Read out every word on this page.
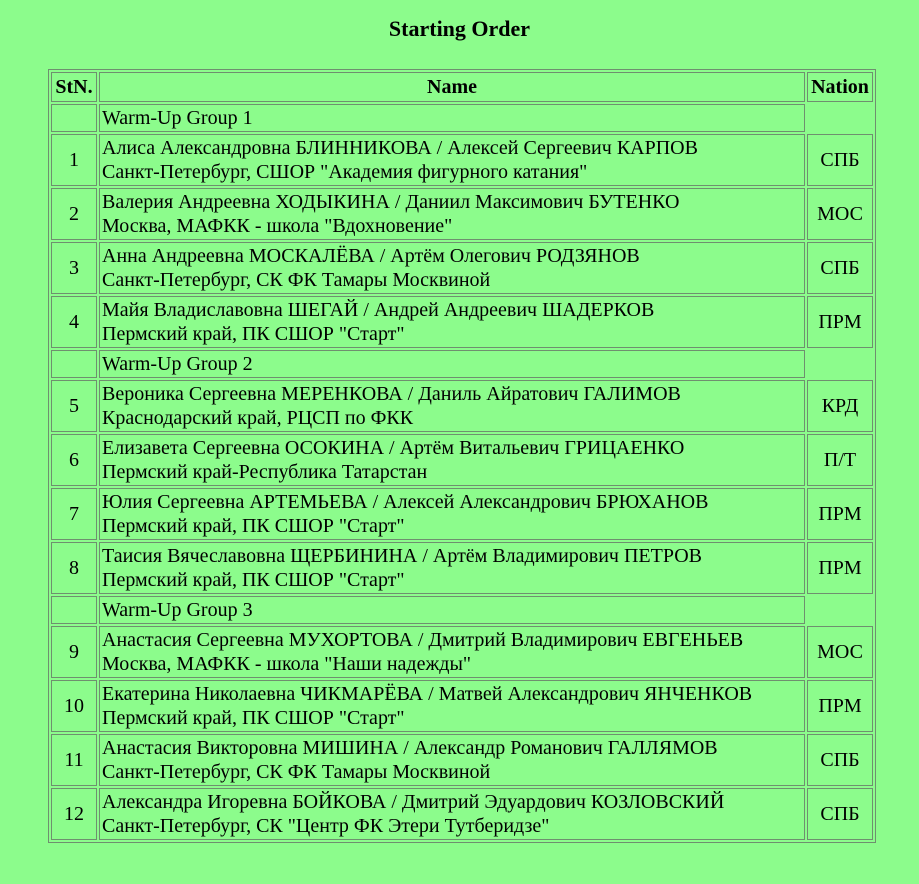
Starting Order
StN.	Name	Nation
	Warm-Up Group 1	
1	Алиса Александровна БЛИННИКОВА / Алексей Сергеевич КАРПОВ
Санкт-Петербург, СШОР "Академия фигурного катания"	СПБ
2	Валерия Андреевна ХОДЫКИНА / Даниил Максимович БУТЕНКО
Москва, МАФКК - школа "Вдохновение"	МОС
3	Анна Андреевна МОСКАЛЁВА / Артём Олегович РОДЗЯНОВ
Санкт-Петербург, СК ФК Тамары Москвиной	СПБ
4	Майя Владиславовна ШЕГАЙ / Андрей Андреевич ШАДЕРКОВ
Пермский край, ПК СШОР "Старт"	ПРМ
	Warm-Up Group 2	
5	Вероника Сергеевна МЕРЕНКОВА / Даниль Айратович ГАЛИМОВ
Краснодарский край, РЦСП по ФКК	КРД
6	Елизавета Сергеевна ОСОКИНА / Артём Витальевич ГРИЦАЕНКО
Пермский край-Республика Татарстан	П/Т
7	Юлия Сергеевна АРТЕМЬЕВА / Алексей Александрович БРЮХАНОВ
Пермский край, ПК СШОР "Старт"	ПРМ
8	Таисия Вячеславовна ЩЕРБИНИНА / Артём Владимирович ПЕТРОВ
Пермский край, ПК СШОР "Старт"	ПРМ
	Warm-Up Group 3	
9	Анастасия Сергеевна МУХОРТОВА / Дмитрий Владимирович ЕВГЕНЬЕВ
Москва, МАФКК - школа "Наши надежды"	МОС
10	Екатерина Николаевна ЧИКМАРЁВА / Матвей Александрович ЯНЧЕНКОВ
Пермский край, ПК СШОР "Старт"	ПРМ
11	Анастасия Викторовна МИШИНА / Александр Романович ГАЛЛЯМОВ
Санкт-Петербург, СК ФК Тамары Москвиной	СПБ
12	Александра Игоревна БОЙКОВА / Дмитрий Эдуардович КОЗЛОВСКИЙ
Санкт-Петербург, СК "Центр ФК Этери Тутберидзе"	СПБ
